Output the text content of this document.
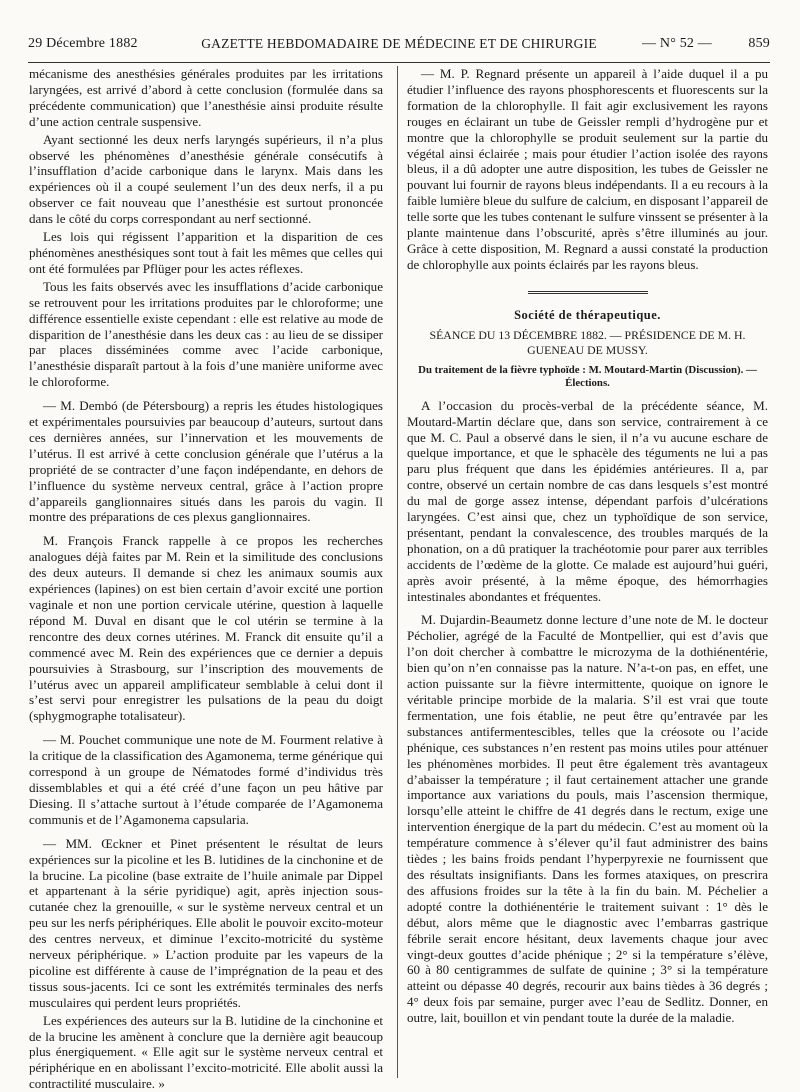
29 Décembre 1882	GAZETTE HEBDOMADAIRE DE MÉDECINE ET DE CHIRURGIE	— N° 52 —	859

mécanisme des anesthésies générales produites par les irritations laryngées, est arrivé d’abord à cette conclusion (formulée dans sa précédente communication) que l’anesthésie ainsi produite résulte d’une action centrale suspensive.

Ayant sectionné les deux nerfs laryngés supérieurs, il n’a plus observé les phénomènes d’anesthésie générale consécutifs à l’insufflation d’acide carbonique dans le larynx. Mais dans les expériences où il a coupé seulement l’un des deux nerfs, il a pu observer ce fait nouveau que l’anesthésie est surtout prononcée dans le côté du corps correspondant au nerf sectionné.

Les lois qui régissent l’apparition et la disparition de ces phénomènes anesthésiques sont tout à fait les mêmes que celles qui ont été formulées par Pflüger pour les actes réflexes.

Tous les faits observés avec les insufflations d’acide carbonique se retrouvent pour les irritations produites par le chloroforme; une différence essentielle existe cependant : elle est relative au mode de disparition de l’anesthésie dans les deux cas : au lieu de se dissiper par places disséminées comme avec l’acide carbonique, l’anesthésie disparaît partout à la fois d’une manière uniforme avec le chloroforme.

— M. Dembó (de Pétersbourg) a repris les études histologiques et expérimentales poursuivies par beaucoup d’auteurs, surtout dans ces dernières années, sur l’innervation et les mouvements de l’utérus. Il est arrivé à cette conclusion générale que l’utérus a la propriété de se contracter d’une façon indépendante, en dehors de l’influence du système nerveux central, grâce à l’action propre d’appareils ganglionnaires situés dans les parois du vagin. Il montre des préparations de ces plexus ganglionnaires.

M. François Franck rappelle à ce propos les recherches analogues déjà faites par M. Rein et la similitude des conclusions des deux auteurs. Il demande si chez les animaux soumis aux expériences (lapines) on est bien certain d’avoir excité une portion vaginale et non une portion cervicale utérine, question à laquelle répond M. Duval en disant que le col utérin se termine à la rencontre des deux cornes utérines. M. Franck dit ensuite qu’il a commencé avec M. Rein des expériences que ce dernier a depuis poursuivies à Strasbourg, sur l’inscription des mouvements de l’utérus avec un appareil amplificateur semblable à celui dont il s’est servi pour enregistrer les pulsations de la peau du doigt (sphygmographe totalisateur).

— M. Pouchet communique une note de M. Fourment relative à la critique de la classification des Agamonema, terme générique qui correspond à un groupe de Nématodes formé d’individus très dissemblables et qui a été créé d’une façon un peu hâtive par Diesing. Il s’attache surtout à l’étude comparée de l’Agamonema communis et de l’Agamonema capsularia.

— MM. Œckner et Pinet présentent le résultat de leurs expériences sur la picoline et les B. lutidines de la cinchonine et de la brucine. La picoline (base extraite de l’huile animale par Dippel et appartenant à la série pyridique) agit, après injection sous-cutanée chez la grenouille, « sur le système nerveux central et un peu sur les nerfs périphériques. Elle abolit le pouvoir excito-moteur des centres nerveux, et diminue l’excito-motricité du système nerveux périphérique. » L’action produite par les vapeurs de la picoline est différente à cause de l’imprégnation de la peau et des tissus sous-jacents. Ici ce sont les extrémités terminales des nerfs musculaires qui perdent leurs propriétés.

Les expériences des auteurs sur la B. lutidine de la cinchonine et de la brucine les amènent à conclure que la dernière agit beaucoup plus énergiquement. « Elle agit sur le système nerveux central et périphérique en en abolissant l’excito-motricité. Elle abolit aussi la contractilité musculaire. »

— M. P. Regnard présente un appareil à l’aide duquel il a pu étudier l’influence des rayons phosphorescents et fluorescents sur la formation de la chlorophylle. Il fait agir exclusivement les rayons rouges en éclairant un tube de Geissler rempli d’hydrogène pur et montre que la chlorophylle se produit seulement sur la partie du végétal ainsi éclairée ; mais pour étudier l’action isolée des rayons bleus, il a dû adopter une autre disposition, les tubes de Geissler ne pouvant lui fournir de rayons bleus indépendants. Il a eu recours à la faible lumière bleue du sulfure de calcium, en disposant l’appareil de telle sorte que les tubes contenant le sulfure vinssent se présenter à la plante maintenue dans l’obscurité, après s’être illuminés au jour. Grâce à cette disposition, M. Regnard a aussi constaté la production de chlorophylle aux points éclairés par les rayons bleus.

Société de thérapeutique.
SÉANCE DU 13 DÉCEMBRE 1882. — PRÉSIDENCE DE M. H. GUENEAU DE MUSSY.
Du traitement de la fièvre typhoïde : M. Moutard-Martin (Discussion). — Élections.

A l’occasion du procès-verbal de la précédente séance, M. Moutard-Martin déclare que, dans son service, contrairement à ce que M. C. Paul a observé dans le sien, il n’a vu aucune eschare de quelque importance, et que le sphacèle des téguments ne lui a pas paru plus fréquent que dans les épidémies antérieures. Il a, par contre, observé un certain nombre de cas dans lesquels s’est montré du mal de gorge assez intense, dépendant parfois d’ulcérations laryngées. C’est ainsi que, chez un typhoïdique de son service, présentant, pendant la convalescence, des troubles marqués de la phonation, on a dû pratiquer la trachéotomie pour parer aux terribles accidents de l’œdème de la glotte. Ce malade est aujourd’hui guéri, après avoir présenté, à la même époque, des hémorrhagies intestinales abondantes et fréquentes.

M. Dujardin-Beaumetz donne lecture d’une note de M. le docteur Pécholier, agrégé de la Faculté de Montpellier, qui est d’avis que l’on doit chercher à combattre le microzyma de la dothiénentérie, bien qu’on n’en connaisse pas la nature. N’a-t-on pas, en effet, une action puissante sur la fièvre intermittente, quoique on ignore le véritable principe morbide de la malaria. S’il est vrai que toute fermentation, une fois établie, ne peut être qu’entravée par les substances antifermentescibles, telles que la créosote ou l’acide phénique, ces substances n’en restent pas moins utiles pour atténuer les phénomènes morbides. Il peut être également très avantageux d’abaisser la température ; il faut certainement attacher une grande importance aux variations du pouls, mais l’ascension thermique, lorsqu’elle atteint le chiffre de 41 degrés dans le rectum, exige une intervention énergique de la part du médecin. C’est au moment où la température commence à s’élever qu’il faut administrer des bains tièdes ; les bains froids pendant l’hyperpyrexie ne fournissent que des résultats insignifiants. Dans les formes ataxiques, on prescrira des affusions froides sur la tête à la fin du bain. M. Péchelier a adopté contre la dothiénentérie le traitement suivant : 1° dès le début, alors même que le diagnostic avec l’embarras gastrique fébrile serait encore hésitant, deux lavements chaque jour avec vingt-deux gouttes d’acide phénique ; 2° si la température s’élève, 60 à 80 centigrammes de sulfate de quinine ; 3° si la température atteint ou dépasse 40 degrés, recourir aux bains tièdes à 36 degrés ; 4° deux fois par semaine, purger avec l’eau de Sedlitz. Donner, en outre, lait, bouillon et vin pendant toute la durée de la maladie.
